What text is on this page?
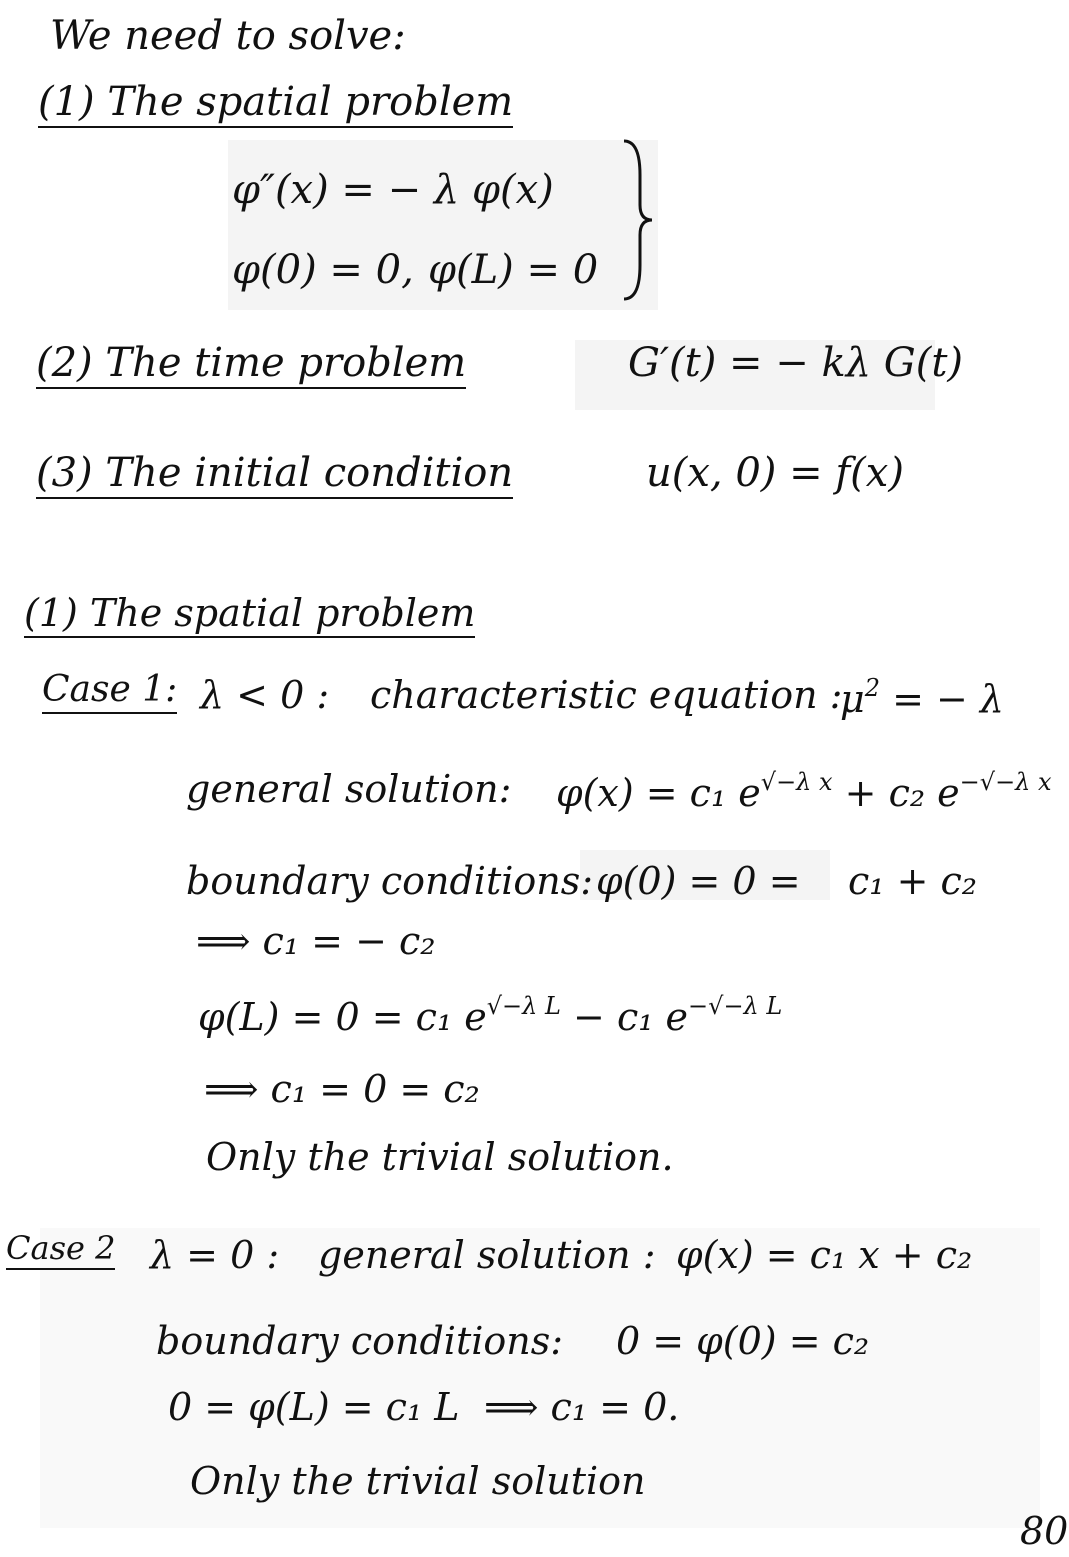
We need to solve:
(1) The spatial problem
φ″(x) = − λ φ(x)
φ(0) = 0, φ(L) = 0
(2) The time problem	G′(t) = − kλ G(t)
(3) The initial condition	u(x, 0) = f(x)
(1) The spatial problem
Case 1: λ < 0 : characteristic equation :
$\mu^2$ = − λ
general solution: φ(x) = c₁ $e^{√-\lambda x} + c_2$ $e^{-√-\lambda x}$
boundary conditions: φ(0) = 0 = c₁ + c₂
⟹ c₁ = − c₂
φ(L) = 0 = c₁ $e^{√-\lambda L} - c_1$ $e^{-√-\lambda L}$
⟹ c₁ = 0 = c₂
Only the trivial solution.
Case 2 λ = 0 : general solution : φ(x) = c₁ x + c₂
boundary conditions: 0 = φ(0) = c₂
0 = φ(L) = c₁ L ⟹ c₁ = 0.
Only the trivial solution
80
